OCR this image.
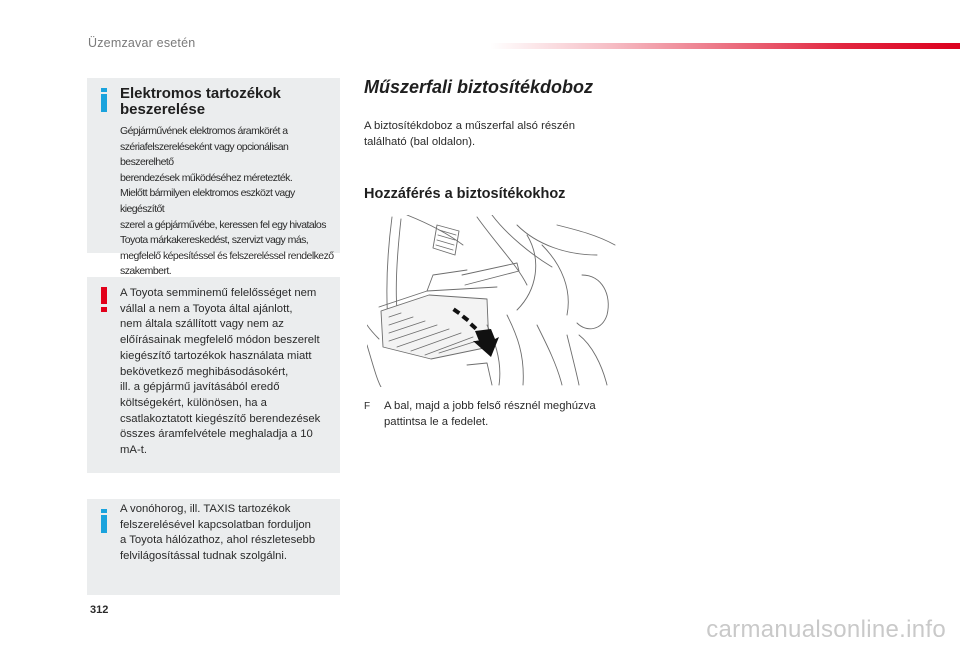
Üzemzavar esetén
Elektromos tartozékok
beszerelése

Gépjárművének elektromos áramkörét a
szériafelszereléseként vagy opcionálisan beszerelhető
berendezések működéséhez méretezték.
Mielőtt bármilyen elektromos eszközt vagy kiegészítőt
szerel a gépjárművébe, keressen fel egy hivatalos
Toyota márkakereskedést, szervizt vagy más,
megfelelő képesítéssel és felszereléssel rendelkező
szakembert.

A Toyota semminemű felelősséget nem
vállal a nem a Toyota által ajánlott,
nem általa szállított vagy nem az
előírásainak megfelelő módon beszerelt
kiegészítő tartozékok használata miatt
bekövetkező meghibásodásokért,
ill. a gépjármű javításából eredő
költségekért, különösen, ha a
csatlakoztatott kiegészítő berendezések
összes áramfelvétele meghaladja a 10
mA-t.

A vonóhorog, ill. TAXIS tartozékok
felszerelésével kapcsolatban forduljon
a Toyota hálózathoz, ahol részletesebb
felvilágosítással tudnak szolgálni.

Műszerfali biztosítékdoboz

A biztosítékdoboz a műszerfal alsó részén
található (bal oldalon).

Hozzáférés a biztosítékokhoz
F A bal, majd a jobb felső résznél meghúzva
pattintsa le a fedelet.
312
carmanualsonline.info
